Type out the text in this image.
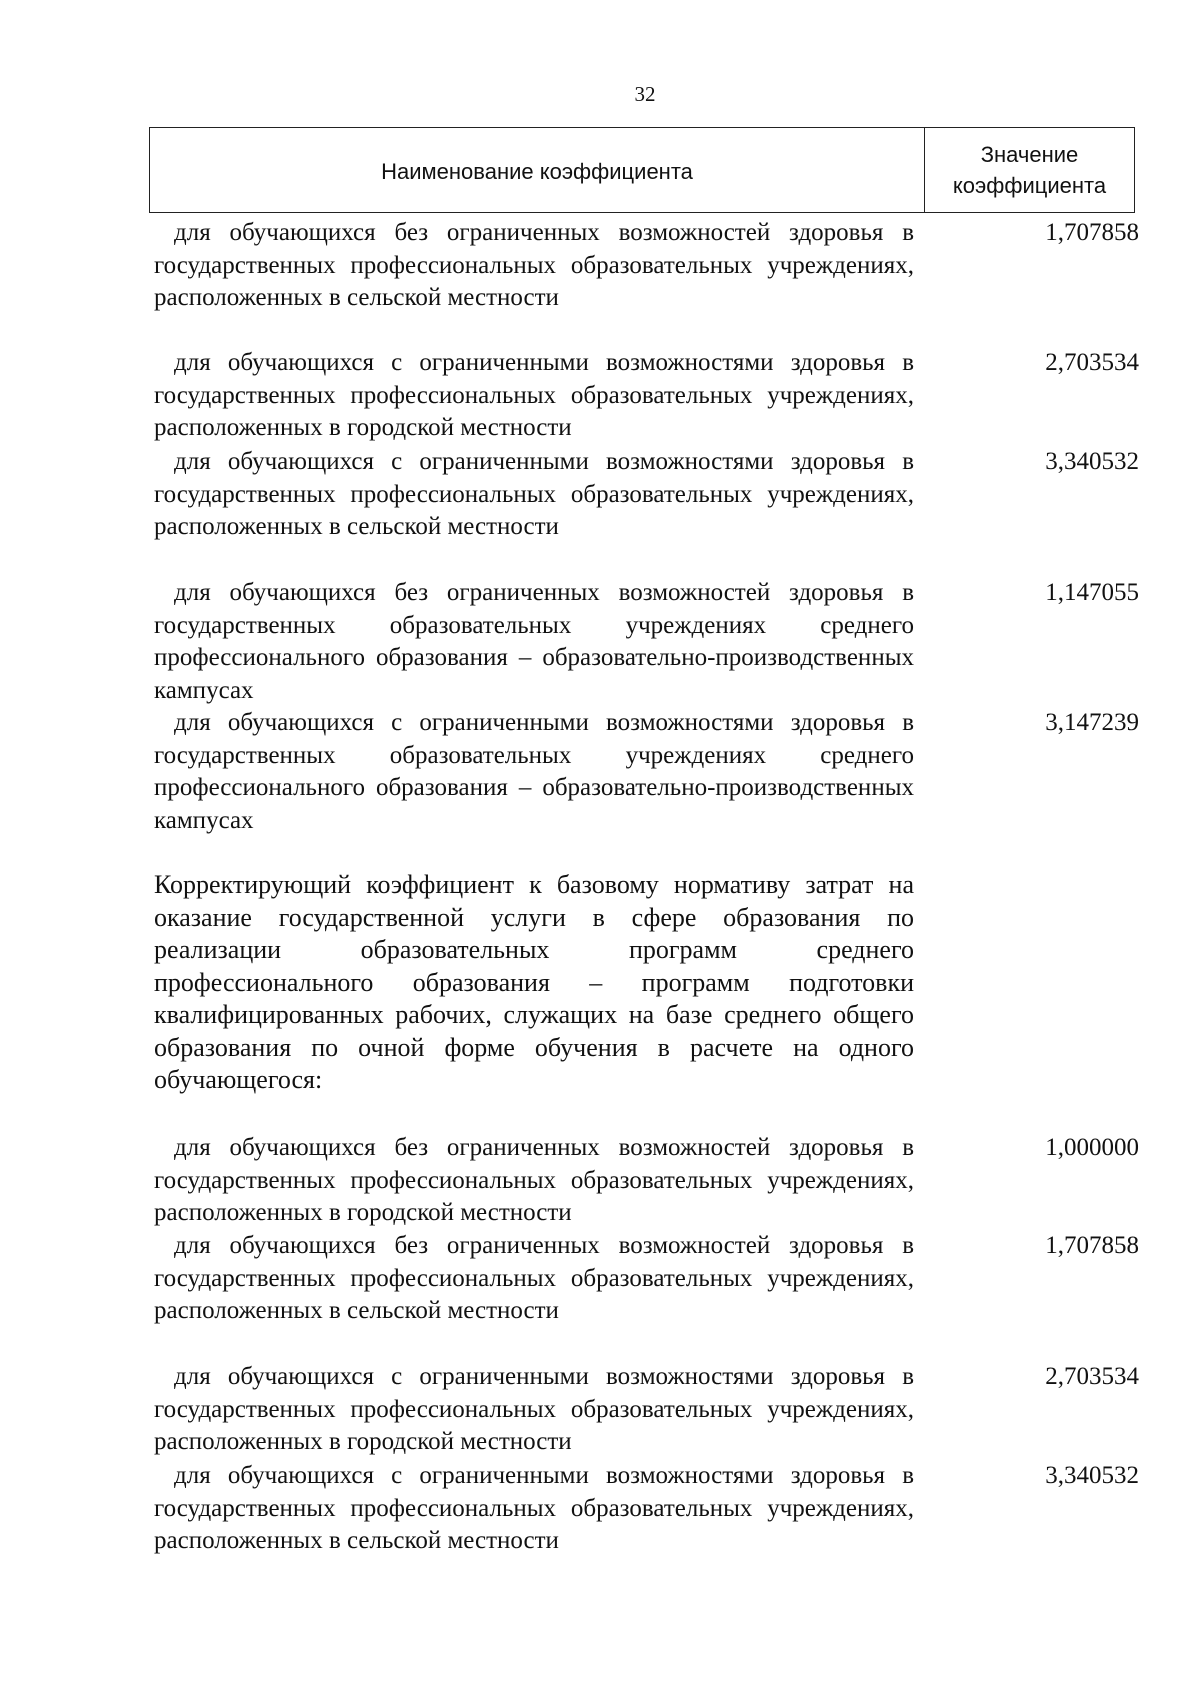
32
Наименование коэффициента
Значение
коэффициента
для обучающихся без ограниченных возможностей здоровья в государственных профессиональных образовательных учреждениях, расположенных в сельской местности
1,707858
для обучающихся с ограниченными возможностями здоровья в государственных профессиональных образовательных учреждениях, расположенных в городской местности
2,703534
для обучающихся с ограниченными возможностями здоровья в государственных профессиональных образовательных учреждениях, расположенных в сельской местности
3,340532
для обучающихся без ограниченных возможностей здоровья в государственных образовательных учреждениях среднего профессионального образования – образовательно-производственных кампусах
1,147055
для обучающихся с ограниченными возможностями здоровья в государственных образовательных учреждениях среднего профессионального образования – образовательно-производственных кампусах
3,147239
Корректирующий коэффициент к базовому нормативу затрат на оказание государственной услуги в сфере образования по реализации образовательных программ среднего профессионального образования – программ подготовки квалифицированных рабочих, служащих на базе среднего общего образования по очной форме обучения в расчете на одного обучающегося:
для обучающихся без ограниченных возможностей здоровья в государственных профессиональных образовательных учреждениях, расположенных в городской местности
1,000000
для обучающихся без ограниченных возможностей здоровья в государственных профессиональных образовательных учреждениях, расположенных в сельской местности
1,707858
для обучающихся с ограниченными возможностями здоровья в государственных профессиональных образовательных учреждениях, расположенных в городской местности
2,703534
для обучающихся с ограниченными возможностями здоровья в государственных профессиональных образовательных учреждениях, расположенных в сельской местности
3,340532
